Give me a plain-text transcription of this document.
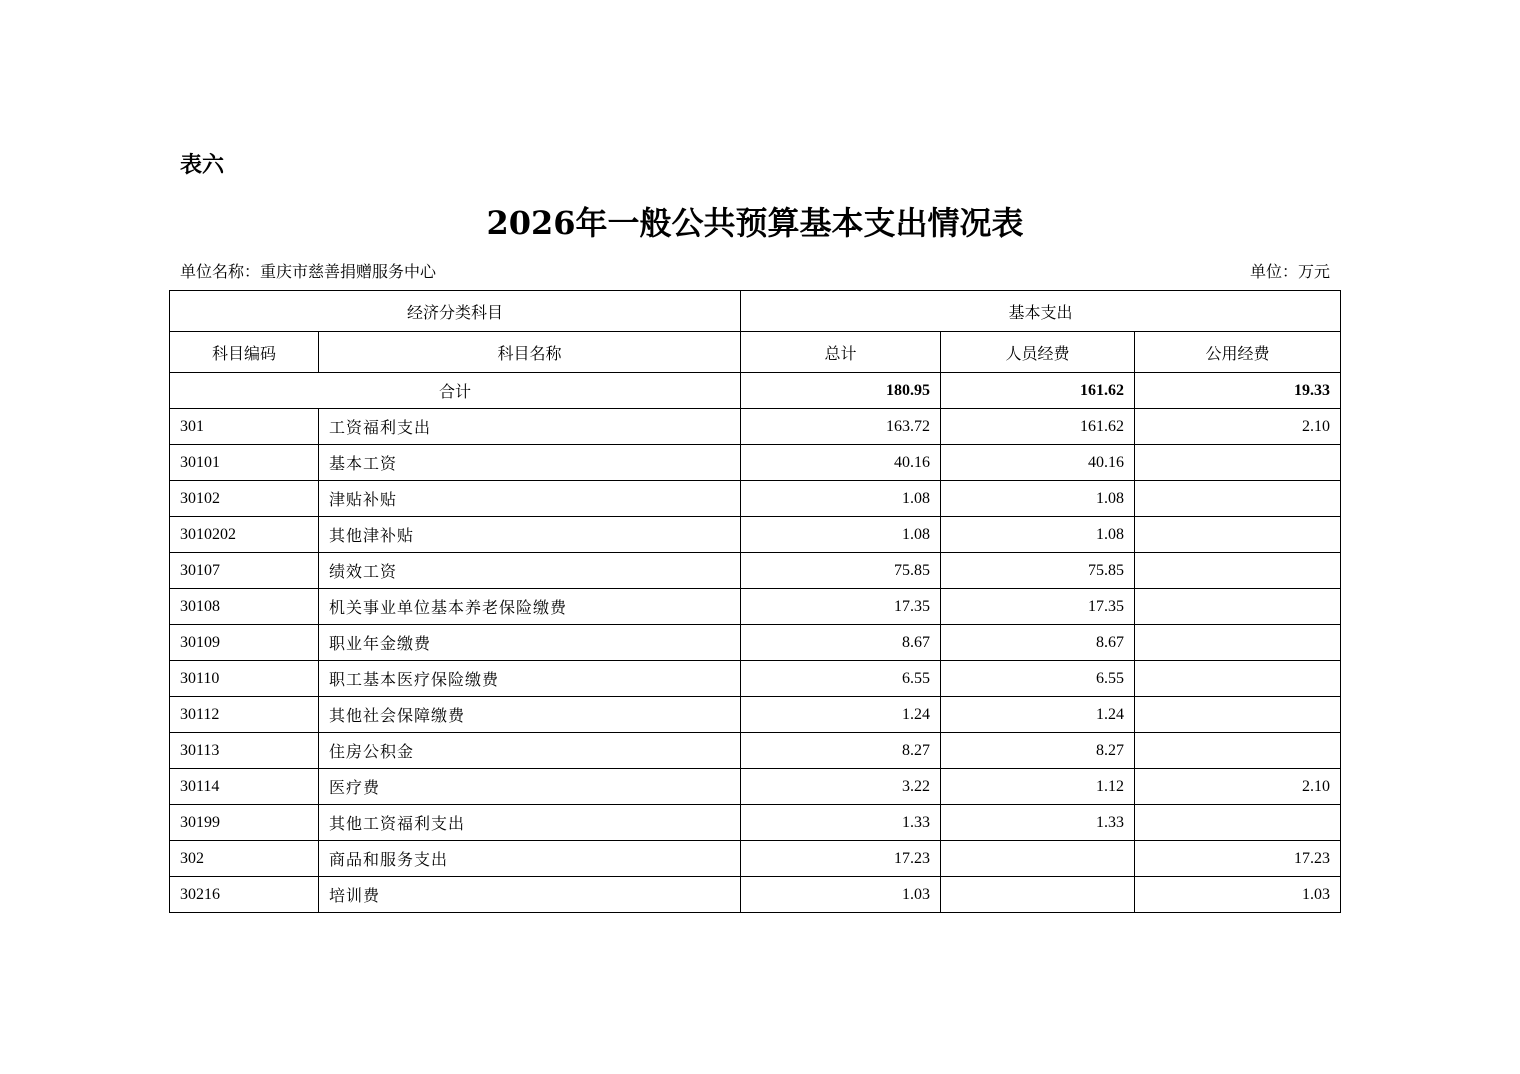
表六
2026年一般公共预算基本支出情况表
单位名称：重庆市慈善捐赠服务中心	单位：万元
经济分类科目		基本支出		
科目编码	科目名称	总计	人员经费	公用经费
合计		180.95	161.62	19.33
301	工资福利支出	163.72	161.62	2.10
30101	基本工资	40.16	40.16	
30102	津贴补贴	1.08	1.08	
3010202	其他津补贴	1.08	1.08	
30107	绩效工资	75.85	75.85	
30108	机关事业单位基本养老保险缴费	17.35	17.35	
30109	职业年金缴费	8.67	8.67	
30110	职工基本医疗保险缴费	6.55	6.55	
30112	其他社会保障缴费	1.24	1.24	
30113	住房公积金	8.27	8.27	
30114	医疗费	3.22	1.12	2.10
30199	其他工资福利支出	1.33	1.33	
302	商品和服务支出	17.23		17.23
30216	培训费	1.03		1.03
